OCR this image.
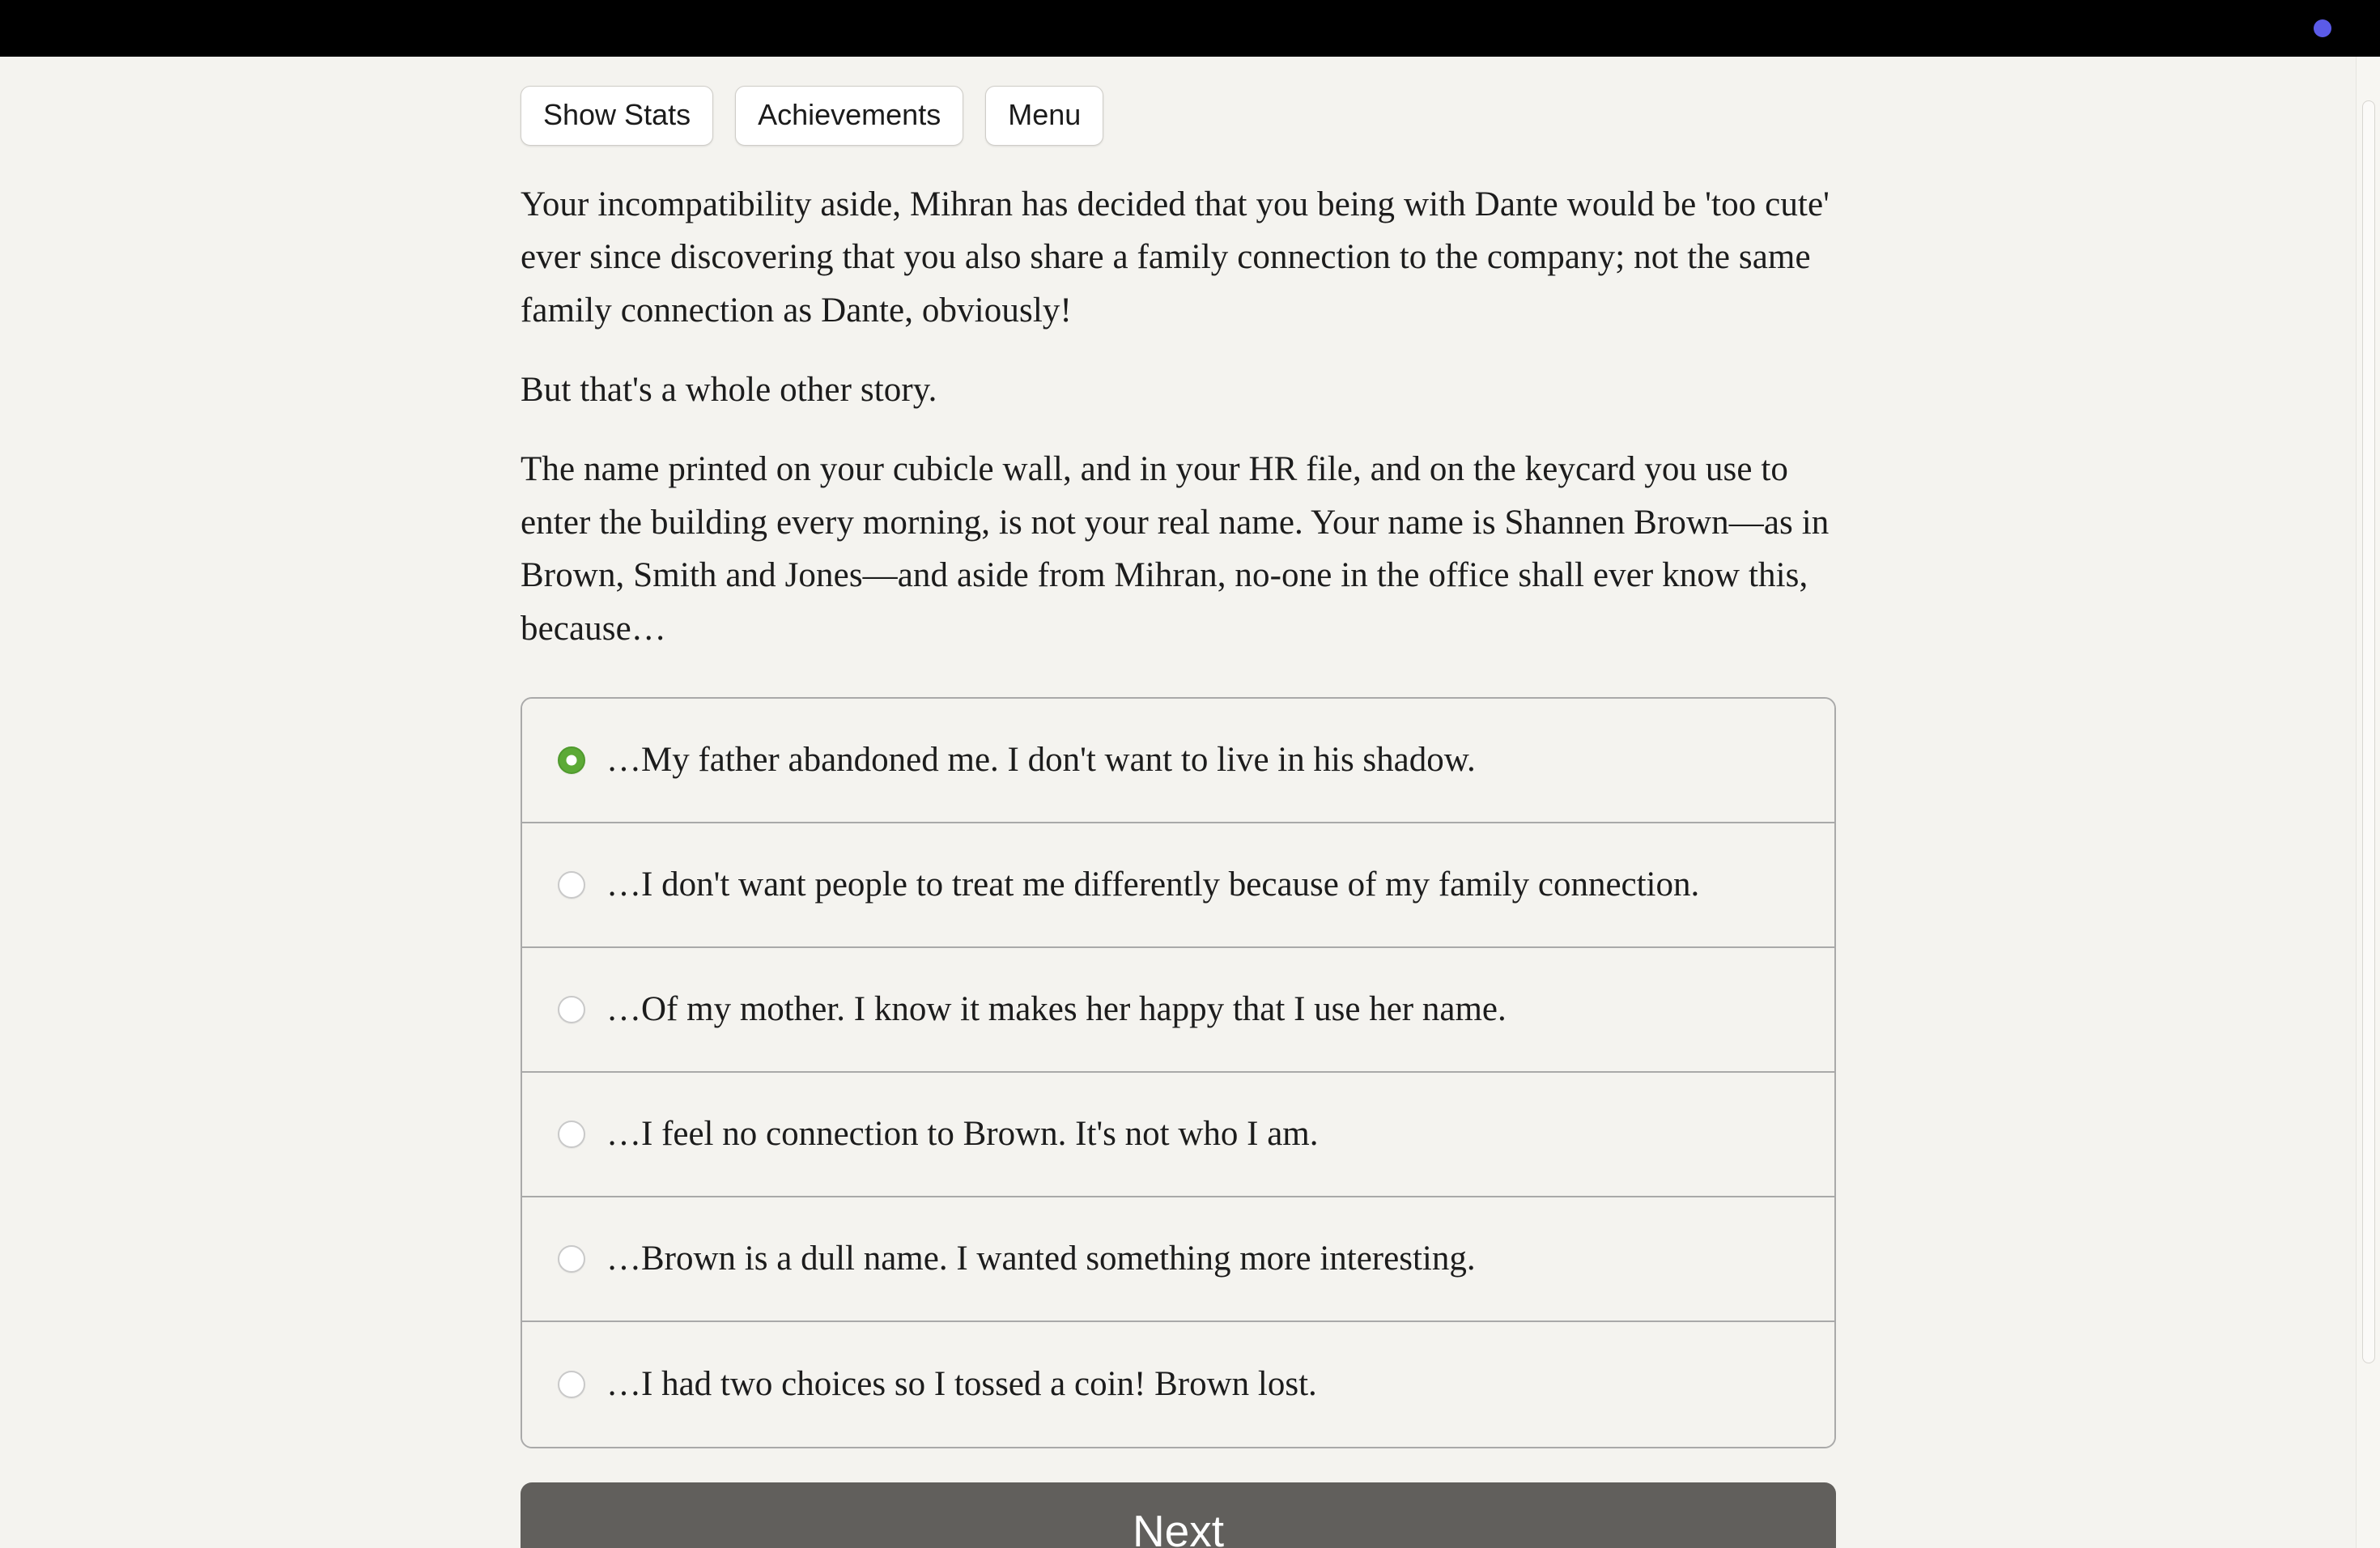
Show Stats	Achievements	Menu

Your incompatibility aside, Mihran has decided that you being with Dante would be 'too cute' ever since discovering that you also share a family connection to the company; not the same family connection as Dante, obviously!

But that's a whole other story.

The name printed on your cubicle wall, and in your HR file, and on the keycard you use to enter the building every morning, is not your real name. Your name is Shannen Brown—as in Brown, Smith and Jones—and aside from Mihran, no-one in the office shall ever know this, because…

…My father abandoned me. I don't want to live in his shadow.
…I don't want people to treat me differently because of my family connection.
…Of my mother. I know it makes her happy that I use her name.
…I feel no connection to Brown. It's not who I am.
…Brown is a dull name. I wanted something more interesting.
…I had two choices so I tossed a coin! Brown lost.
Next
